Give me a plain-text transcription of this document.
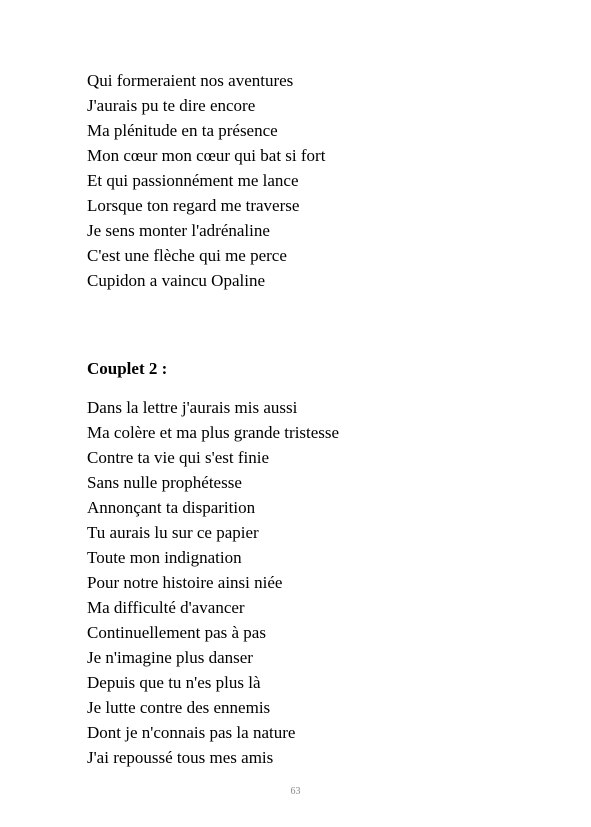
Qui formeraient nos aventures
J'aurais pu te dire encore
Ma plénitude en ta présence
Mon cœur mon cœur qui bat si fort
Et qui passionnément me lance
Lorsque ton regard me traverse
Je sens monter l'adrénaline
C'est une flèche qui me perce
Cupidon a vaincu Opaline

Couplet 2 :

Dans la lettre j'aurais mis aussi
Ma colère et ma plus grande tristesse
Contre ta vie qui s'est finie
Sans nulle prophétesse
Annonçant ta disparition
Tu aurais lu sur ce papier
Toute mon indignation
Pour notre histoire ainsi niée
Ma difficulté d'avancer
Continuellement pas à pas
Je n'imagine plus danser
Depuis que tu n'es plus là
Je lutte contre des ennemis
Dont je n'connais pas la nature
J'ai repoussé tous mes amis
63
